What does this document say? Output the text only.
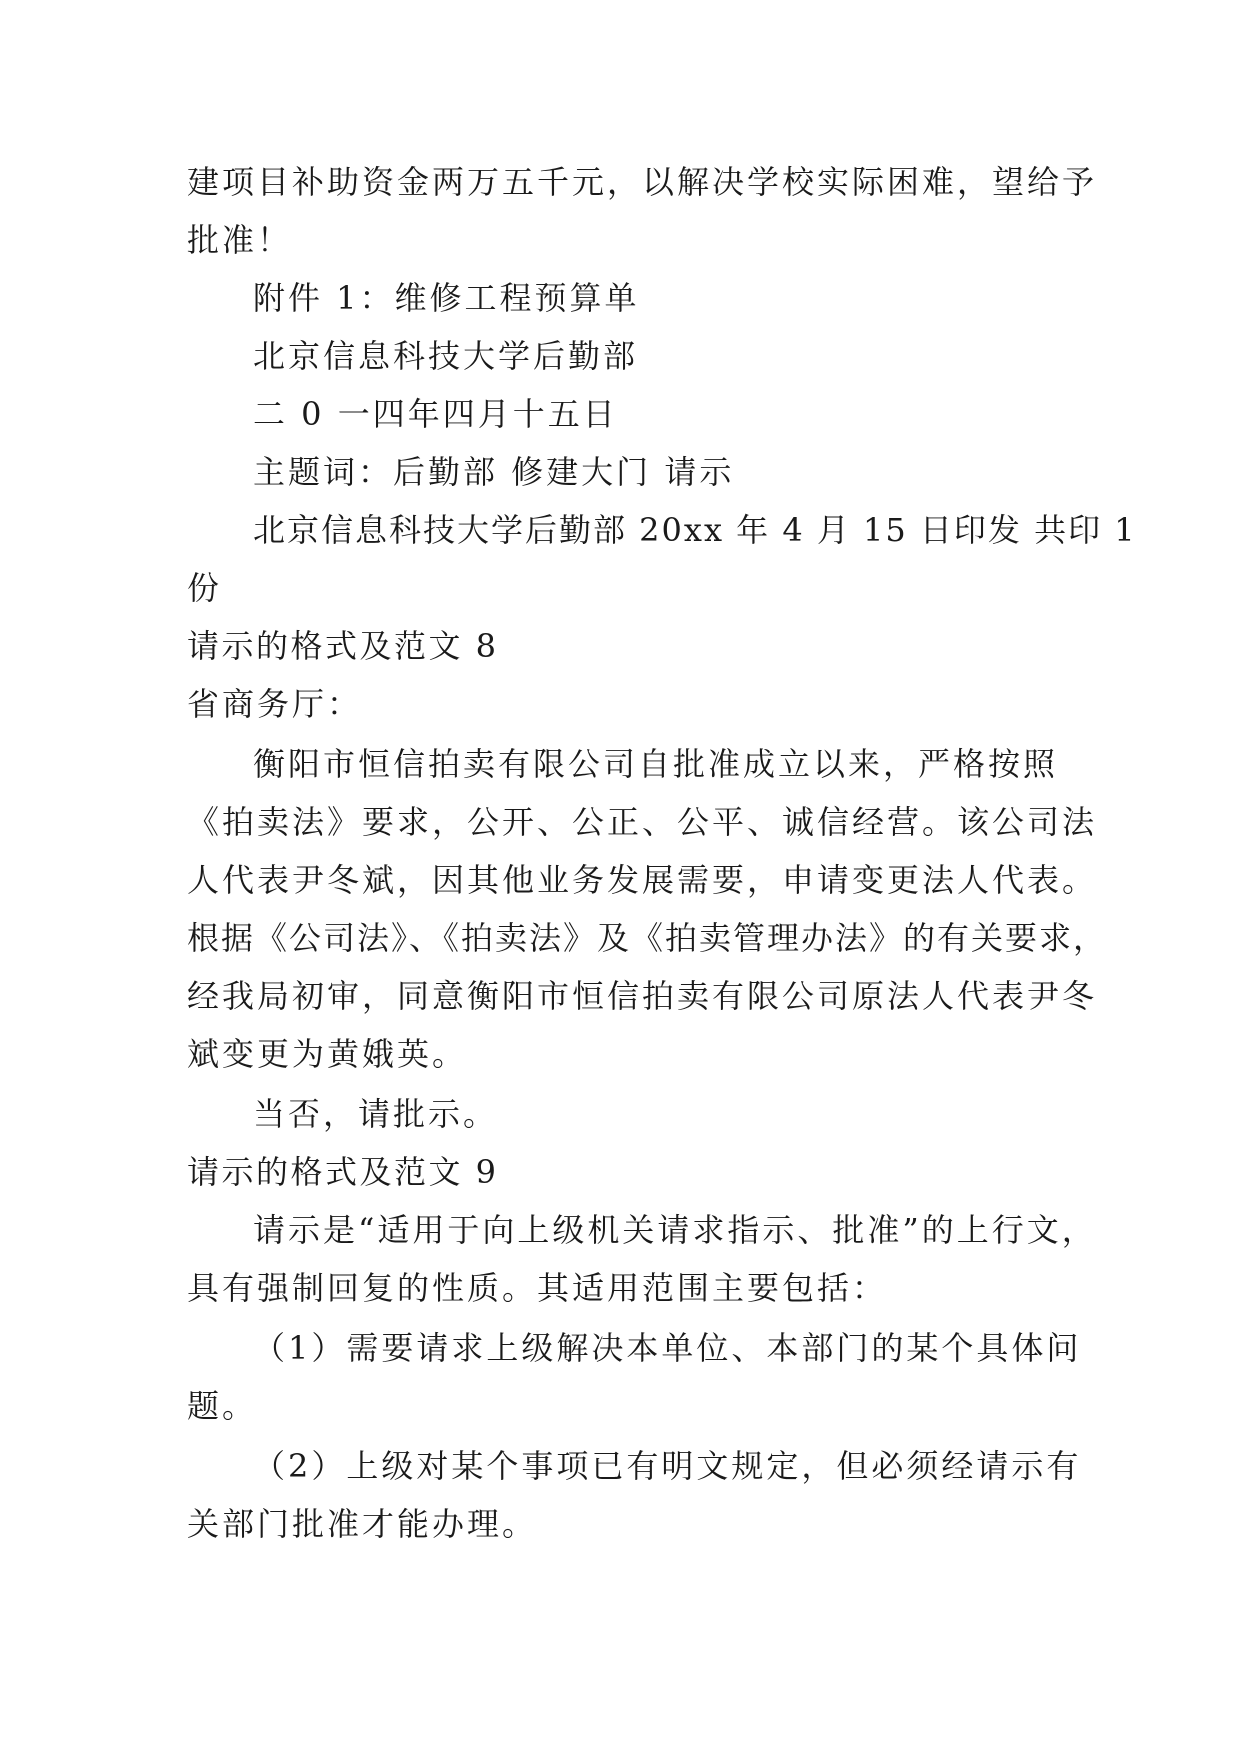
建项目补助资金两万五千元，以解决学校实际困难，望给予

批准！

附件 1：维修工程预算单

北京信息科技大学后勤部

二 0 一四年四月十五日

主题词：后勤部 修建大门 请示

北京信息科技大学后勤部 20xx 年 4 月 15 日印发 共印 1

份

请示的格式及范文 8

省商务厅：

衡阳市恒信拍卖有限公司自批准成立以来，严格按照

《拍卖法》要求，公开、公正、公平、诚信经营。该公司法

人代表尹冬斌，因其他业务发展需要，申请变更法人代表。

根据《公司法》、《拍卖法》及《拍卖管理办法》的有关要求，

经我局初审，同意衡阳市恒信拍卖有限公司原法人代表尹冬

斌变更为黄娥英。

当否，请批示。

请示的格式及范文 9

请示是“适用于向上级机关请求指示、批准”的上行文，

具有强制回复的性质。其适用范围主要包括：

（1）需要请求上级解决本单位、本部门的某个具体问

题。

（2）上级对某个事项已有明文规定，但必须经请示有

关部门批准才能办理。
